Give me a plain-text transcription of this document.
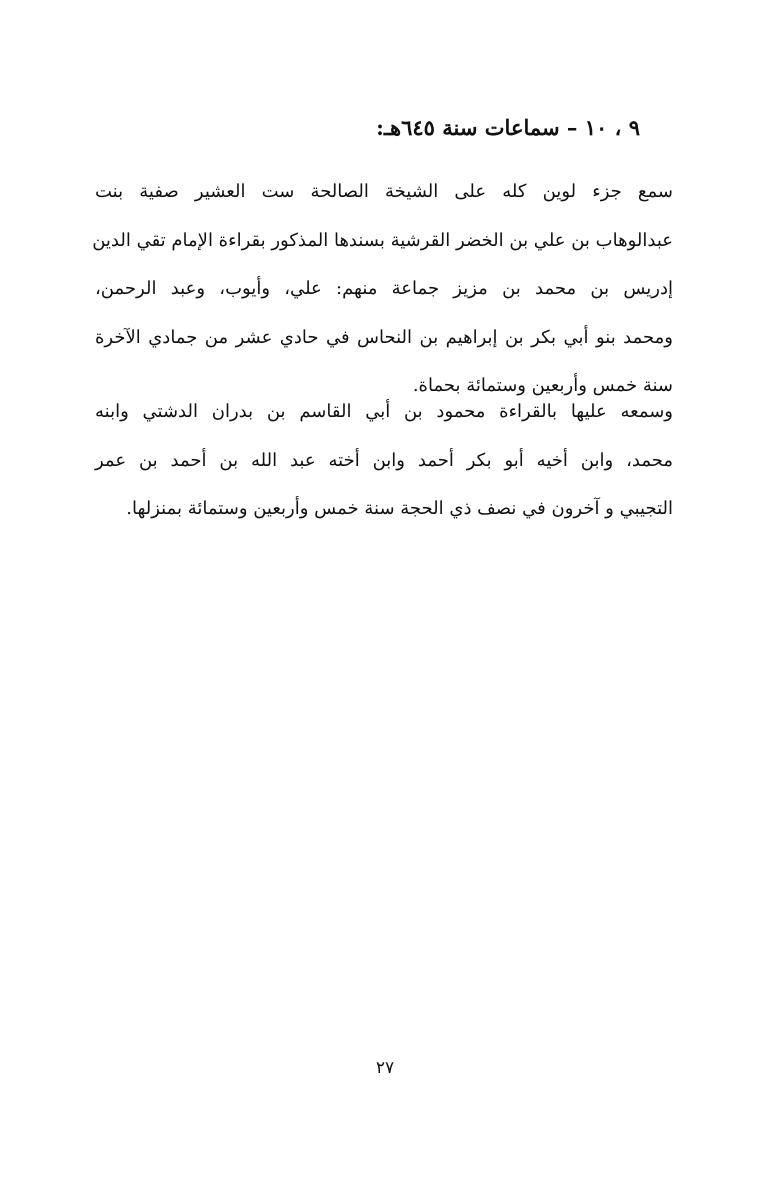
٩ ، ١٠ – سماعات سنة ٦٤٥هـ:

سمع جزء لوين كله على الشيخة الصالحة ست العشير صفية بنت
عبدالوهاب بن علي بن الخضر القرشية بسندها المذكور بقراءة الإمام تقي الدين
إدريس بن محمد بن مزيز جماعة منهم: علي، وأيوب، وعبد الرحمن،
ومحمد بنو أبي بكر بن إبراهيم بن النحاس في حادي عشر من جمادي الآخرة
سنة خمس وأربعين وستمائة بحماة.

وسمعه عليها بالقراءة محمود بن أبي القاسم بن بدران الدشتي وابنه
محمد، وابن أخيه أبو بكر أحمد وابن أخته عبد الله بن أحمد بن عمر
التجيبي و آخرون في نصف ذي الحجة سنة خمس وأربعين وستمائة بمنزلها.

٢٧
